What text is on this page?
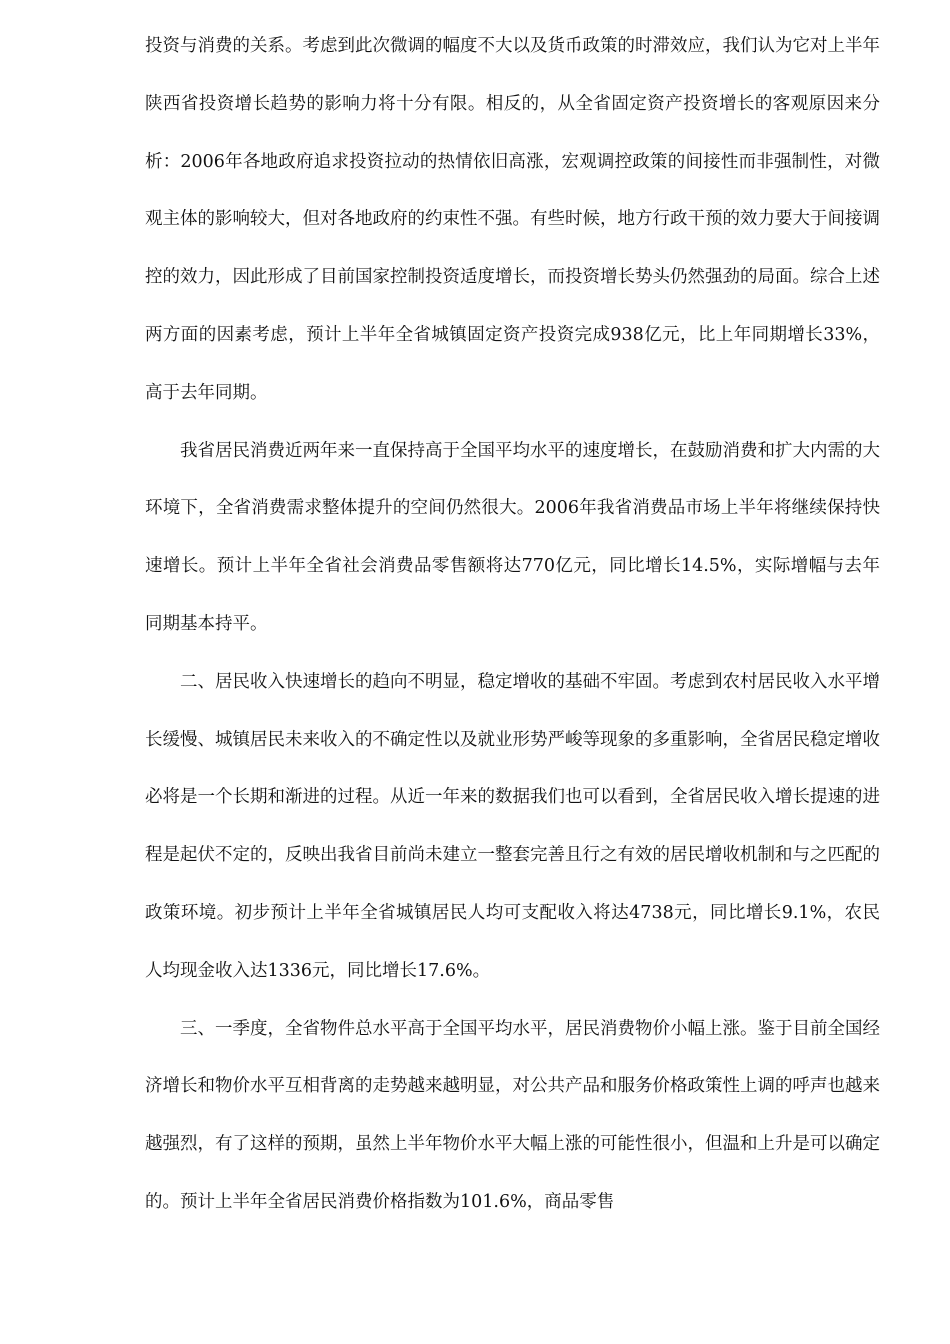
投资与消费的关系。考虑到此次微调的幅度不大以及货币政策的时滞效应，我们认为它对上半年陕西省投资增长趋势的影响力将十分有限。相反的，从全省固定资产投资增长的客观原因来分析：2006年各地政府追求投资拉动的热情依旧高涨，宏观调控政策的间接性而非强制性，对微观主体的影响较大，但对各地政府的约束性不强。有些时候，地方行政干预的效力要大于间接调控的效力，因此形成了目前国家控制投资适度增长，而投资增长势头仍然强劲的局面。综合上述两方面的因素考虑，预计上半年全省城镇固定资产投资完成938亿元，比上年同期增长33%，高于去年同期。

我省居民消费近两年来一直保持高于全国平均水平的速度增长，在鼓励消费和扩大内需的大环境下，全省消费需求整体提升的空间仍然很大。2006年我省消费品市场上半年将继续保持快速增长。预计上半年全省社会消费品零售额将达770亿元，同比增长14.5%，实际增幅与去年同期基本持平。

二、居民收入快速增长的趋向不明显，稳定增收的基础不牢固。考虑到农村居民收入水平增长缓慢、城镇居民未来收入的不确定性以及就业形势严峻等现象的多重影响，全省居民稳定增收必将是一个长期和渐进的过程。从近一年来的数据我们也可以看到，全省居民收入增长提速的进程是起伏不定的，反映出我省目前尚未建立一整套完善且行之有效的居民增收机制和与之匹配的政策环境。初步预计上半年全省城镇居民人均可支配收入将达4738元，同比增长9.1%，农民人均现金收入达1336元，同比增长17.6%。

三、一季度，全省物件总水平高于全国平均水平，居民消费物价小幅上涨。鉴于目前全国经济增长和物价水平互相背离的走势越来越明显，对公共产品和服务价格政策性上调的呼声也越来越强烈，有了这样的预期，虽然上半年物价水平大幅上涨的可能性很小，但温和上升是可以确定的。预计上半年全省居民消费价格指数为101.6%，商品零售
